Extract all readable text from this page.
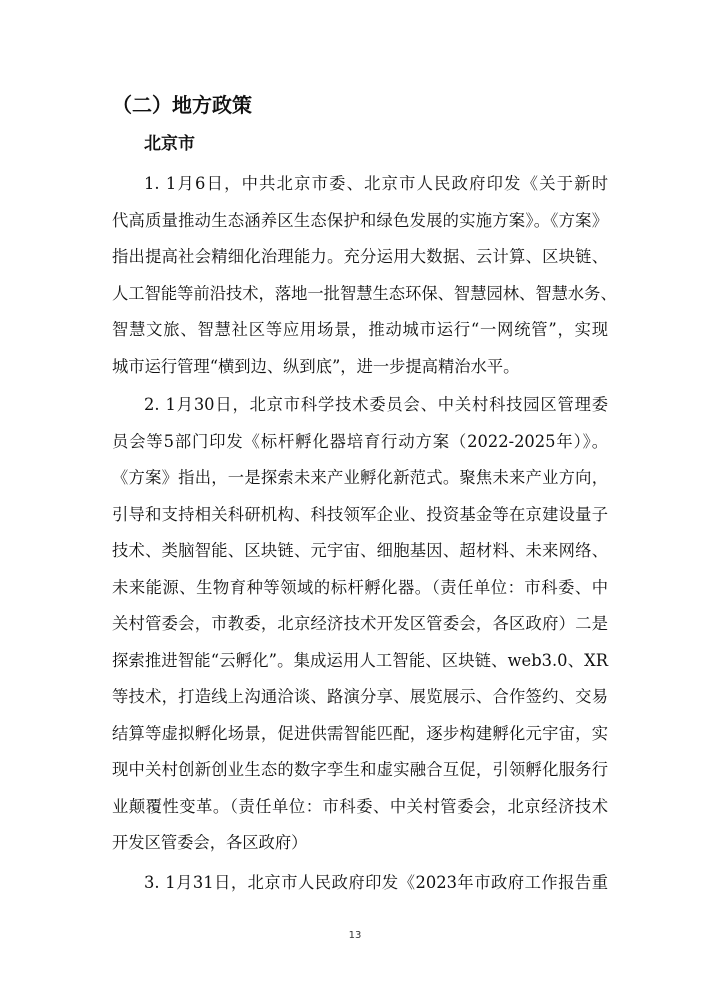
（二）地方政策
北京市
1. 1月6日，中共北京市委、北京市人民政府印发《关于新时
代高质量推动生态涵养区生态保护和绿色发展的实施方案》。《方案》
指出提高社会精细化治理能力。充分运用大数据、云计算、区块链、
人工智能等前沿技术，落地一批智慧生态环保、智慧园林、智慧水务、
智慧文旅、智慧社区等应用场景，推动城市运行“一网统管”，实现
城市运行管理“横到边、纵到底”，进一步提高精治水平。
2. 1月30日，北京市科学技术委员会、中关村科技园区管理委
员会等5部门印发《标杆孵化器培育行动方案（2022-2025年）》。
《方案》指出，一是探索未来产业孵化新范式。聚焦未来产业方向，
引导和支持相关科研机构、科技领军企业、投资基金等在京建设量子
技术、类脑智能、区块链、元宇宙、细胞基因、超材料、未来网络、
未来能源、生物育种等领域的标杆孵化器。（责任单位：市科委、中
关村管委会，市教委，北京经济技术开发区管委会，各区政府）二是
探索推进智能“云孵化”。集成运用人工智能、区块链、web3.0、XR
等技术，打造线上沟通洽谈、路演分享、展览展示、合作签约、交易
结算等虚拟孵化场景，促进供需智能匹配，逐步构建孵化元宇宙，实
现中关村创新创业生态的数字孪生和虚实融合互促，引领孵化服务行
业颠覆性变革。（责任单位：市科委、中关村管委会，北京经济技术
开发区管委会，各区政府）
3. 1月31日，北京市人民政府印发《2023年市政府工作报告重
13
